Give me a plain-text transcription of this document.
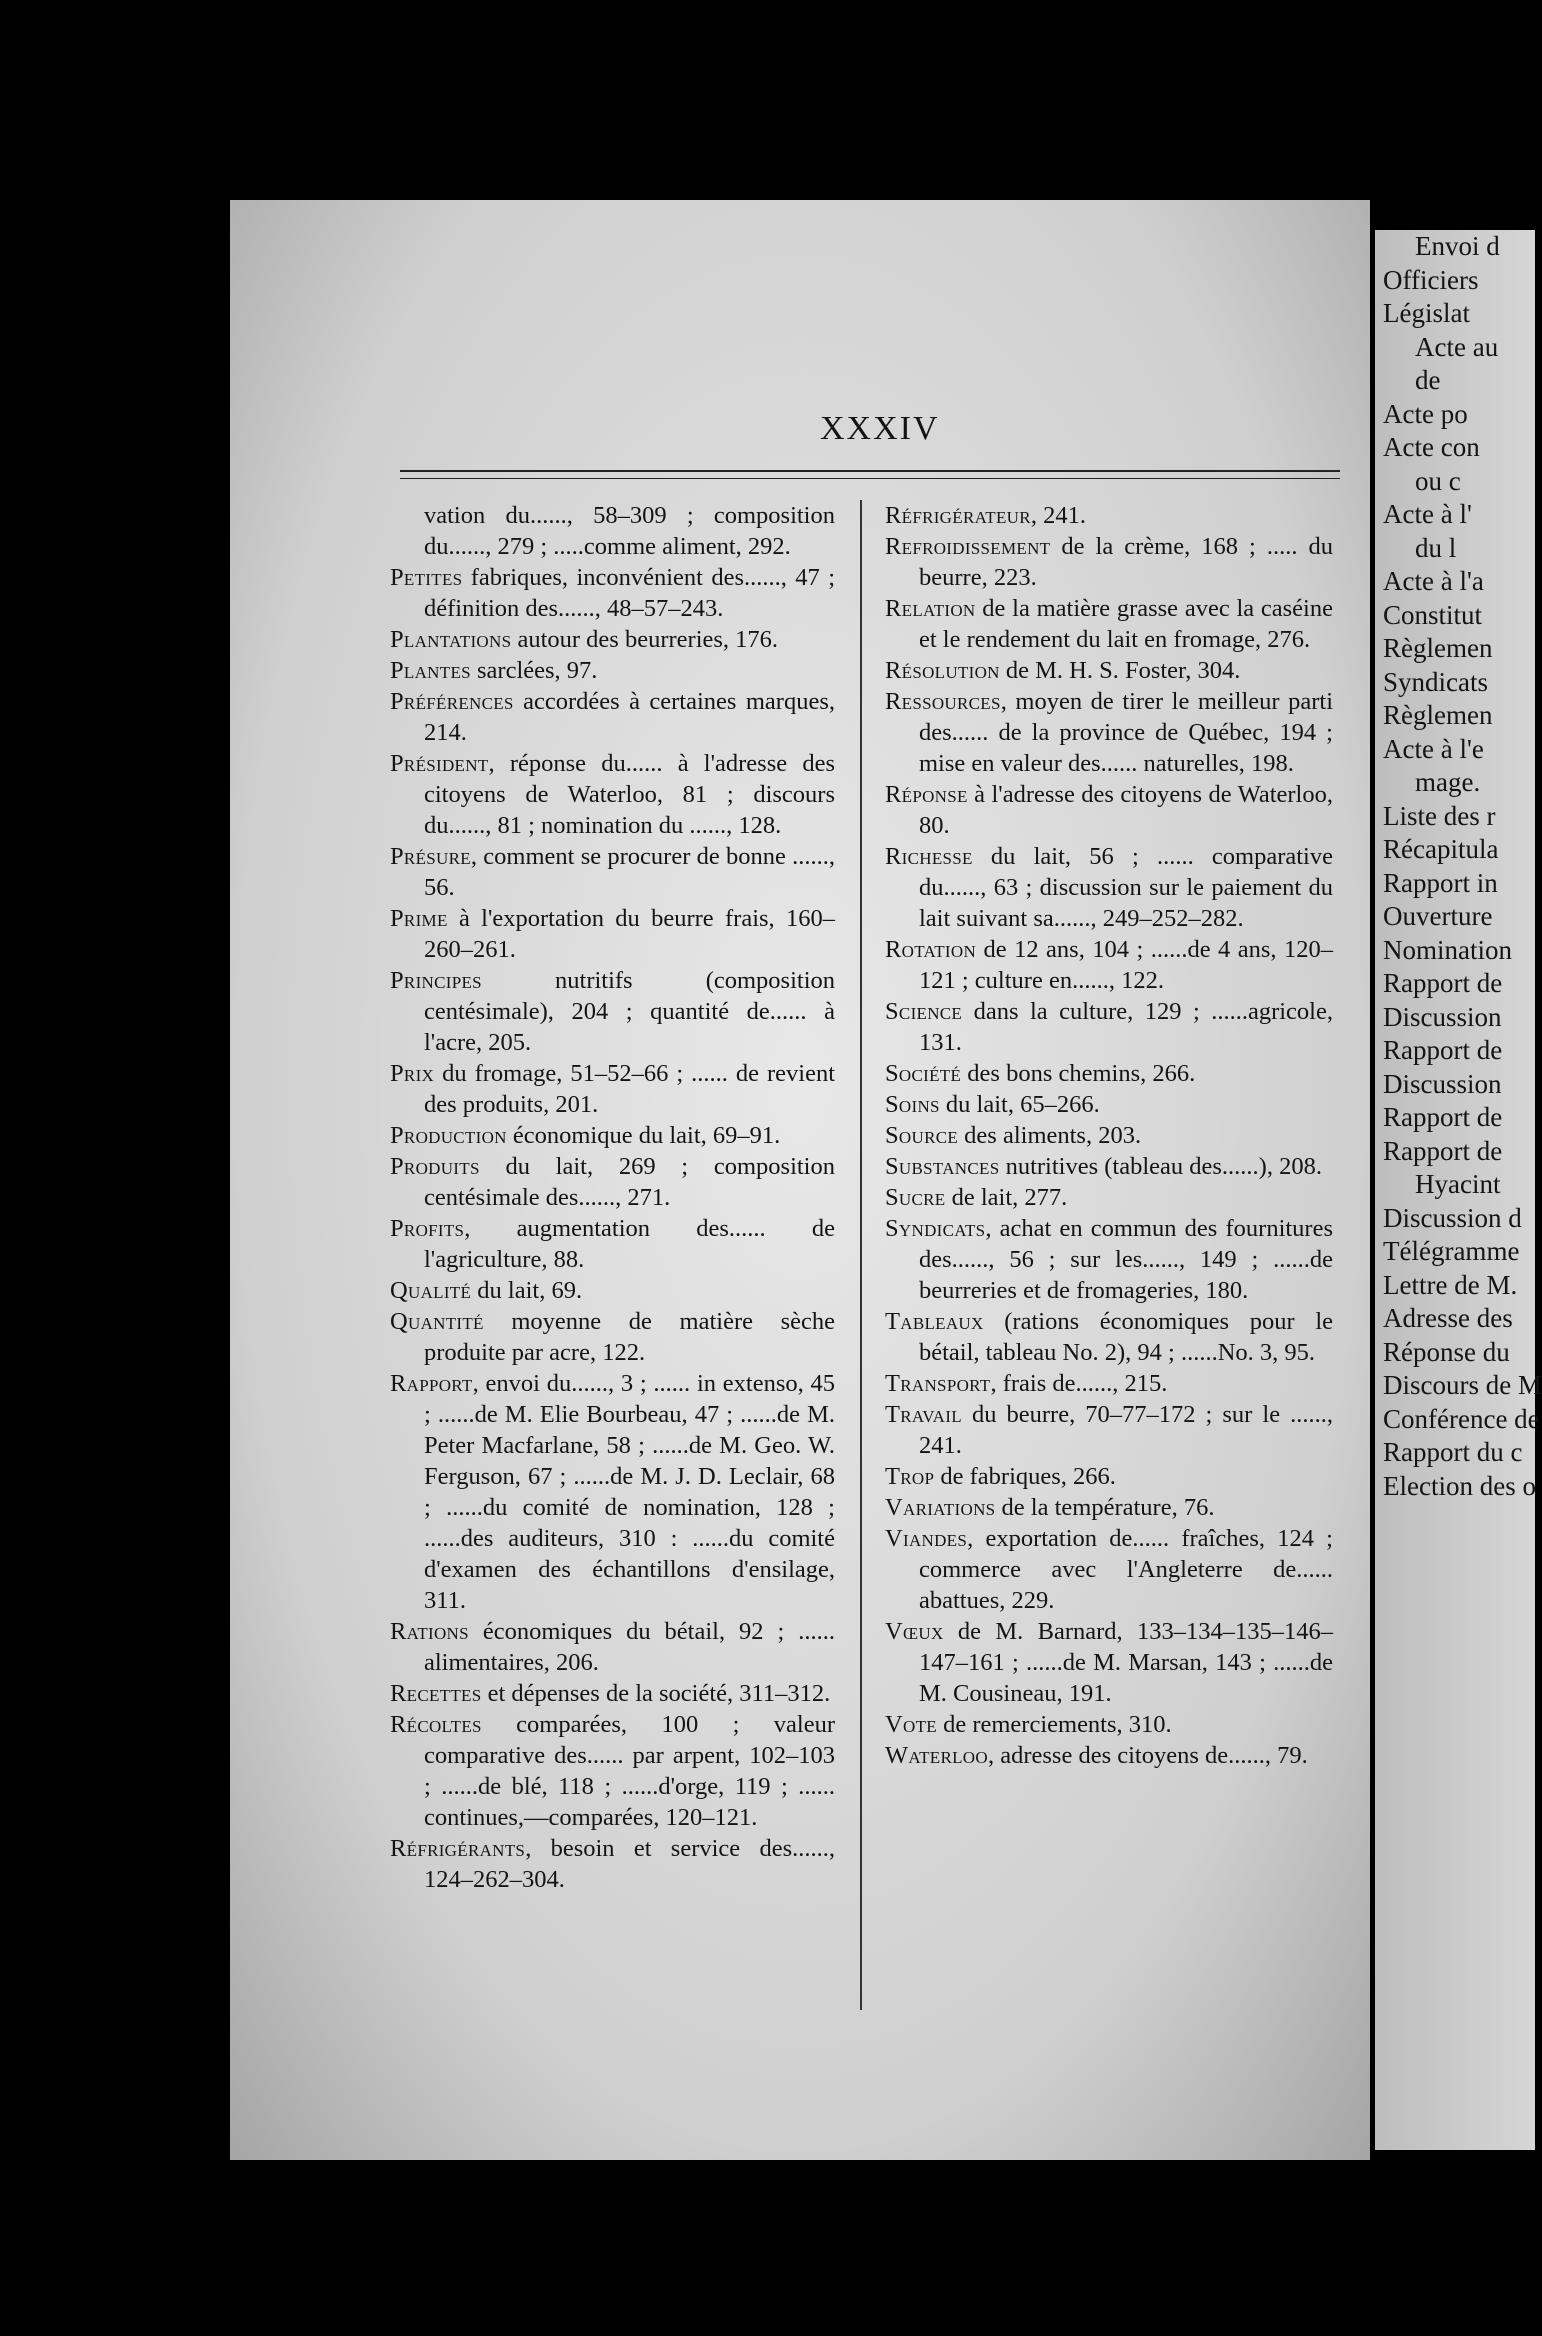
XXXIV

vation du......, 58–309 ; composition du......, 279 ; .....comme aliment, 292.

Petites fabriques, inconvénient des......, 47 ; définition des......, 48–57–243.

Plantations autour des beurreries, 176.

Plantes sarclées, 97.

Préférences accordées à certaines marques, 214.

Président, réponse du...... à l'adresse des citoyens de Waterloo, 81 ; discours du......, 81 ; nomination du ......, 128.

Présure, comment se procurer de bonne ......, 56.

Prime à l'exportation du beurre frais, 160–260–261.

Principes nutritifs (composition centésimale), 204 ; quantité de...... à l'acre, 205.

Prix du fromage, 51–52–66 ; ...... de revient des produits, 201.

Production économique du lait, 69–91.

Produits du lait, 269 ; composition centésimale des......, 271.

Profits, augmentation des...... de l'agriculture, 88.

Qualité du lait, 69.

Quantité moyenne de matière sèche produite par acre, 122.

Rapport, envoi du......, 3 ; ...... in extenso, 45 ; ......de M. Elie Bourbeau, 47 ; ......de M. Peter Macfarlane, 58 ; ......de M. Geo. W. Ferguson, 67 ; ......de M. J. D. Leclair, 68 ; ......du comité de nomination, 128 ; ......des auditeurs, 310 : ......du comité d'examen des échantillons d'ensilage, 311.

Rations économiques du bétail, 92 ; ...... alimentaires, 206.

Recettes et dépenses de la société, 311–312.

Récoltes comparées, 100 ; valeur comparative des...... par arpent, 102–103 ; ......de blé, 118 ; ......d'orge, 119 ; ...... continues,—comparées, 120–121.

Réfrigérants, besoin et service des......, 124–262–304.

Réfrigérateur, 241.

Refroidissement de la crème, 168 ; ..... du beurre, 223.

Relation de la matière grasse avec la caséine et le rendement du lait en fromage, 276.

Résolution de M. H. S. Foster, 304.

Ressources, moyen de tirer le meilleur parti des...... de la province de Québec, 194 ; mise en valeur des...... naturelles, 198.

Réponse à l'adresse des citoyens de Waterloo, 80.

Richesse du lait, 56 ; ...... comparative du......, 63 ; discussion sur le paiement du lait suivant sa......, 249–252–282.

Rotation de 12 ans, 104 ; ......de 4 ans, 120–121 ; culture en......, 122.

Science dans la culture, 129 ; ......agricole, 131.

Société des bons chemins, 266.

Soins du lait, 65–266.

Source des aliments, 203.

Substances nutritives (tableau des......), 208.

Sucre de lait, 277.

Syndicats, achat en commun des fournitures des......, 56 ; sur les......, 149 ; ......de beurreries et de fromageries, 180.

Tableaux (rations économiques pour le bétail, tableau No. 2), 94 ; ......No. 3, 95.

Transport, frais de......, 215.

Travail du beurre, 70–77–172 ; sur le ......, 241.

Trop de fabriques, 266.

Variations de la température, 76.

Viandes, exportation de...... fraîches, 124 ; commerce avec l'Angleterre de...... abattues, 229.

Vœux de M. Barnard, 133–134–135–146–147–161 ; ......de M. Marsan, 143 ; ......de M. Cousineau, 191.

Vote de remerciements, 310.

Waterloo, adresse des citoyens de......, 79.

Envoi d
Officiers
Législat
Acte au
de
Acte po
Acte con
ou c
Acte à l'
du l
Acte à l'a
Constitut
Règlemen
Syndicats
Règlemen
Acte à l'e
mage.
Liste des r
Récapitula
Rapport in
Ouverture
Nomination
Rapport de
Discussion
Rapport de
Discussion
Rapport de
Rapport de
Hyacint
Discussion d
Télégramme
Lettre de M.
Adresse des
Réponse du
Discours de M
Conférence de
Rapport du c
Election des o
